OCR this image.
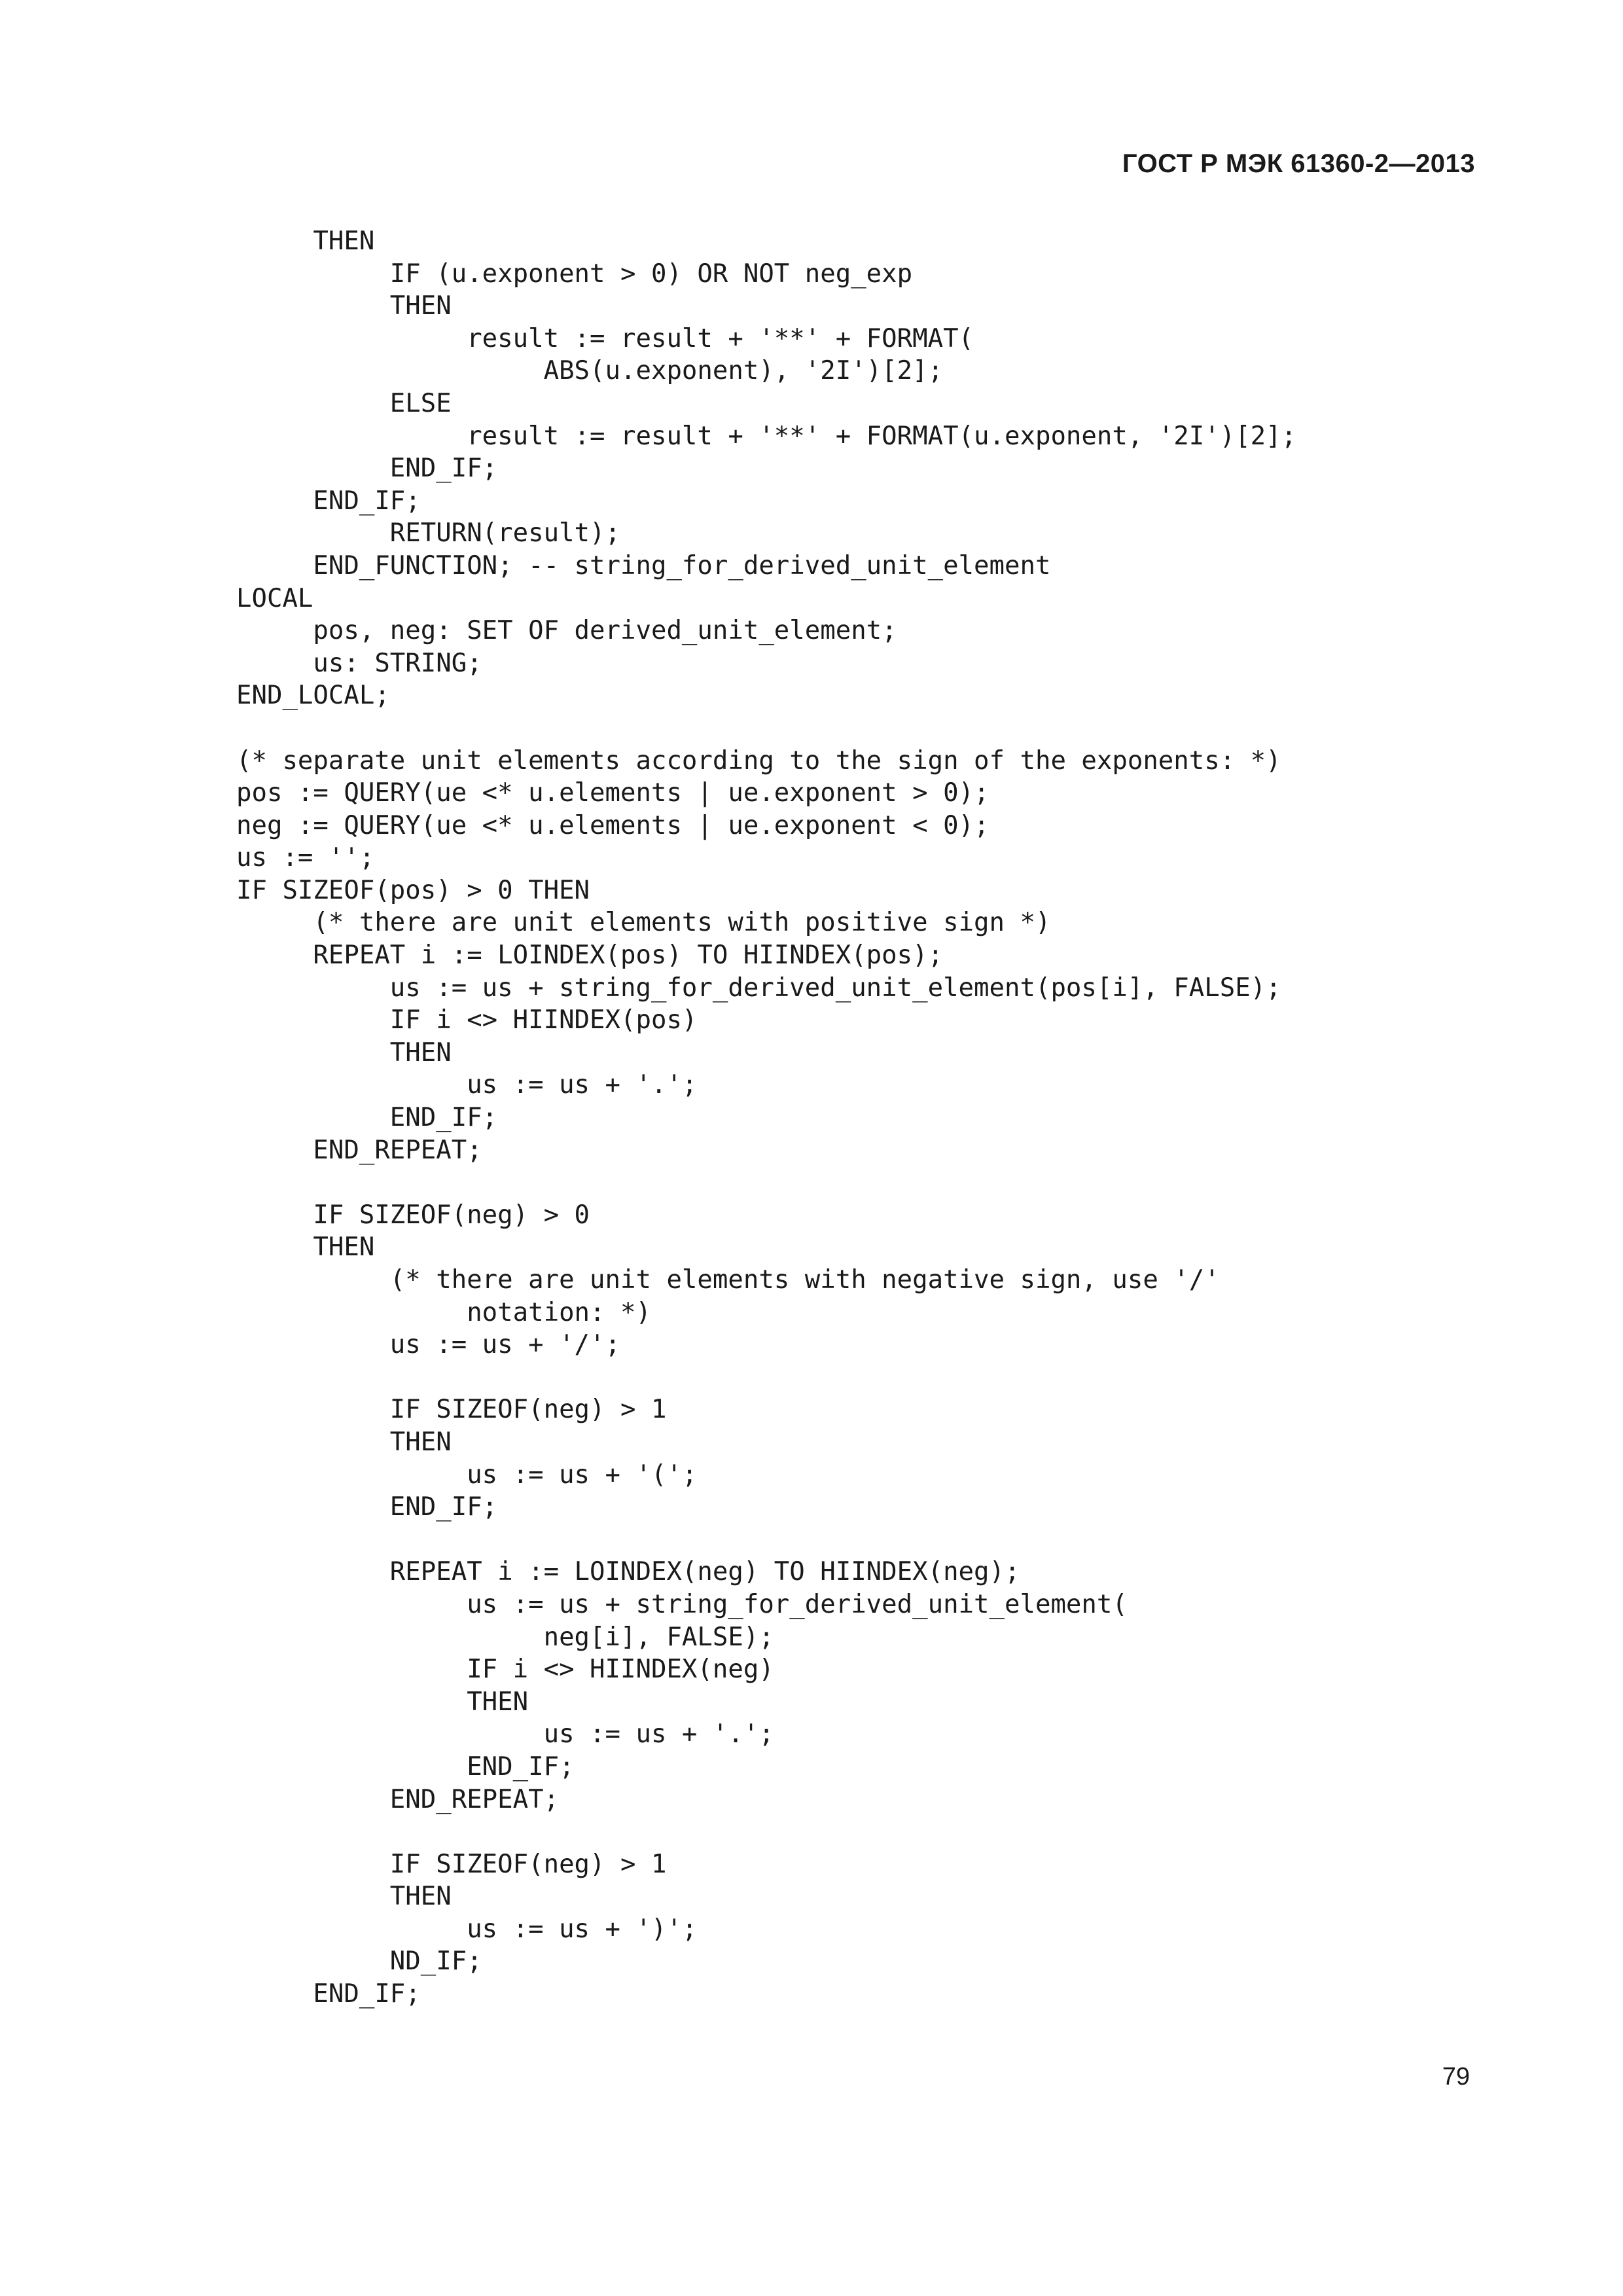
ГОСТ Р МЭК 61360-2—2013
THEN
IF (u.exponent > 0) OR NOT neg_exp
THEN
result := result + '**' + FORMAT(
ABS(u.exponent), '2I')[2];
ELSE
result := result + '**' + FORMAT(u.exponent, '2I')[2];
END_IF;
END_IF;
RETURN(result);
END_FUNCTION; -- string_for_derived_unit_element
LOCAL
pos, neg: SET OF derived_unit_element;
us: STRING;
END_LOCAL;
(* separate unit elements according to the sign of the exponents: *)
pos := QUERY(ue <* u.elements | ue.exponent > 0);
neg := QUERY(ue <* u.elements | ue.exponent < 0);
us := '';
IF SIZEOF(pos) > 0 THEN
(* there are unit elements with positive sign *)
REPEAT i := LOINDEX(pos) TO HIINDEX(pos);
us := us + string_for_derived_unit_element(pos[i], FALSE);
IF i <> HIINDEX(pos)
THEN
us := us + '.';
END_IF;
END_REPEAT;
IF SIZEOF(neg) > 0
THEN
(* there are unit elements with negative sign, use '/'
notation: *)
us := us + '/';
IF SIZEOF(neg) > 1
THEN
us := us + '(';
END_IF;
REPEAT i := LOINDEX(neg) TO HIINDEX(neg);
us := us + string_for_derived_unit_element(
neg[i], FALSE);
IF i <> HIINDEX(neg)
THEN
us := us + '.';
END_IF;
END_REPEAT;
IF SIZEOF(neg) > 1
THEN
us := us + ')';
ND_IF;
END_IF;
79
